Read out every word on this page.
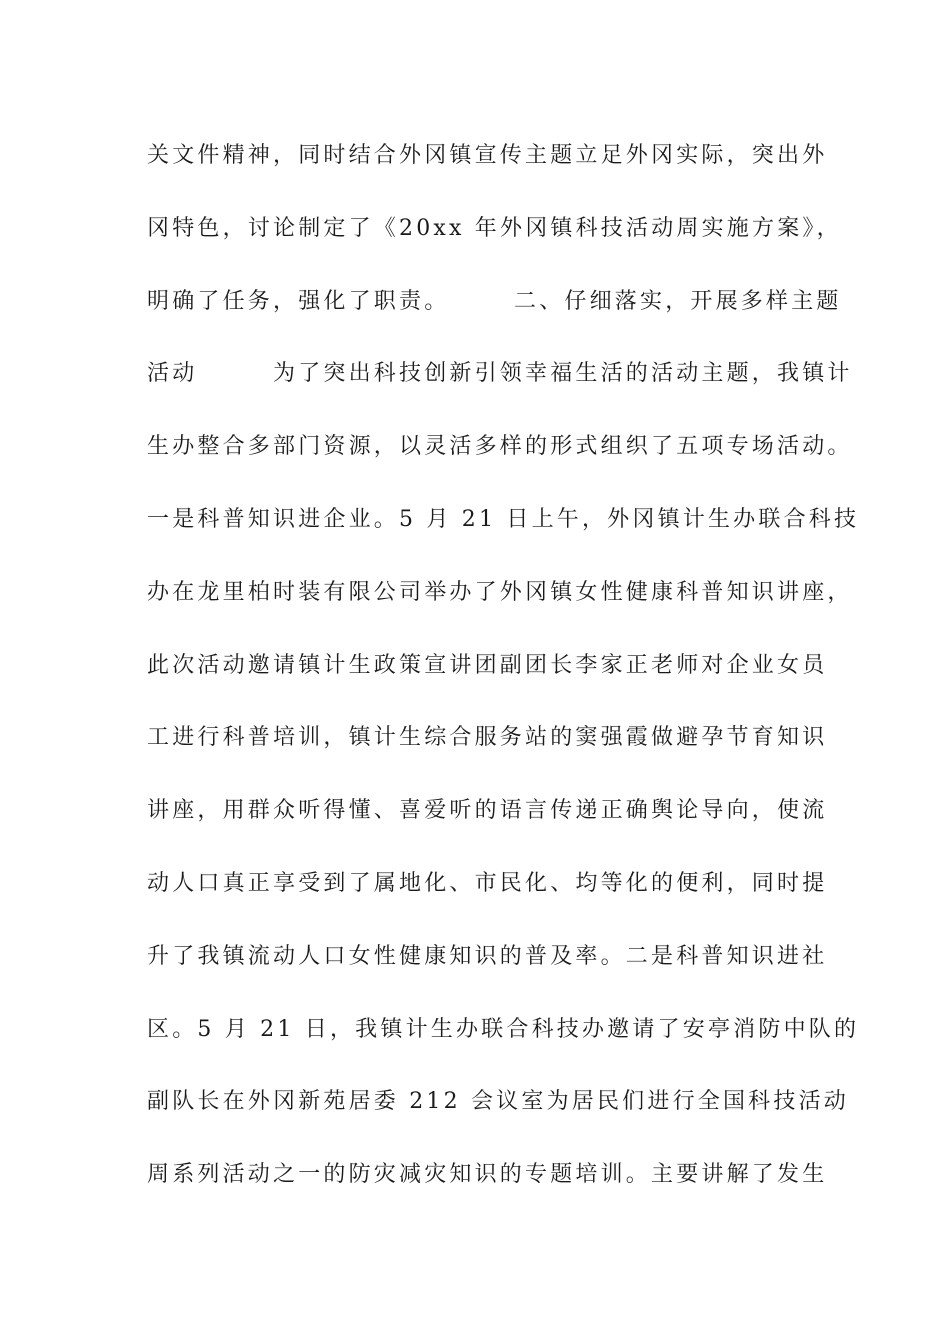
关文件精神，同时结合外冈镇宣传主题立足外冈实际，突出外
冈特色，讨论制定了《20xx 年外冈镇科技活动周实施方案》，
明确了任务，强化了职责。　　　二、仔细落实，开展多样主题
活动　　　为了突出科技创新引领幸福生活的活动主题，我镇计
生办整合多部门资源，以灵活多样的形式组织了五项专场活动。
一是科普知识进企业。5 月 21 日上午，外冈镇计生办联合科技
办在龙里柏时装有限公司举办了外冈镇女性健康科普知识讲座，
此次活动邀请镇计生政策宣讲团副团长李家正老师对企业女员
工进行科普培训，镇计生综合服务站的窦强霞做避孕节育知识
讲座，用群众听得懂、喜爱听的语言传递正确舆论导向，使流
动人口真正享受到了属地化、市民化、均等化的便利，同时提
升了我镇流动人口女性健康知识的普及率。二是科普知识进社
区。5 月 21 日，我镇计生办联合科技办邀请了安亭消防中队的
副队长在外冈新苑居委 212 会议室为居民们进行全国科技活动
周系列活动之一的防灾减灾知识的专题培训。主要讲解了发生
